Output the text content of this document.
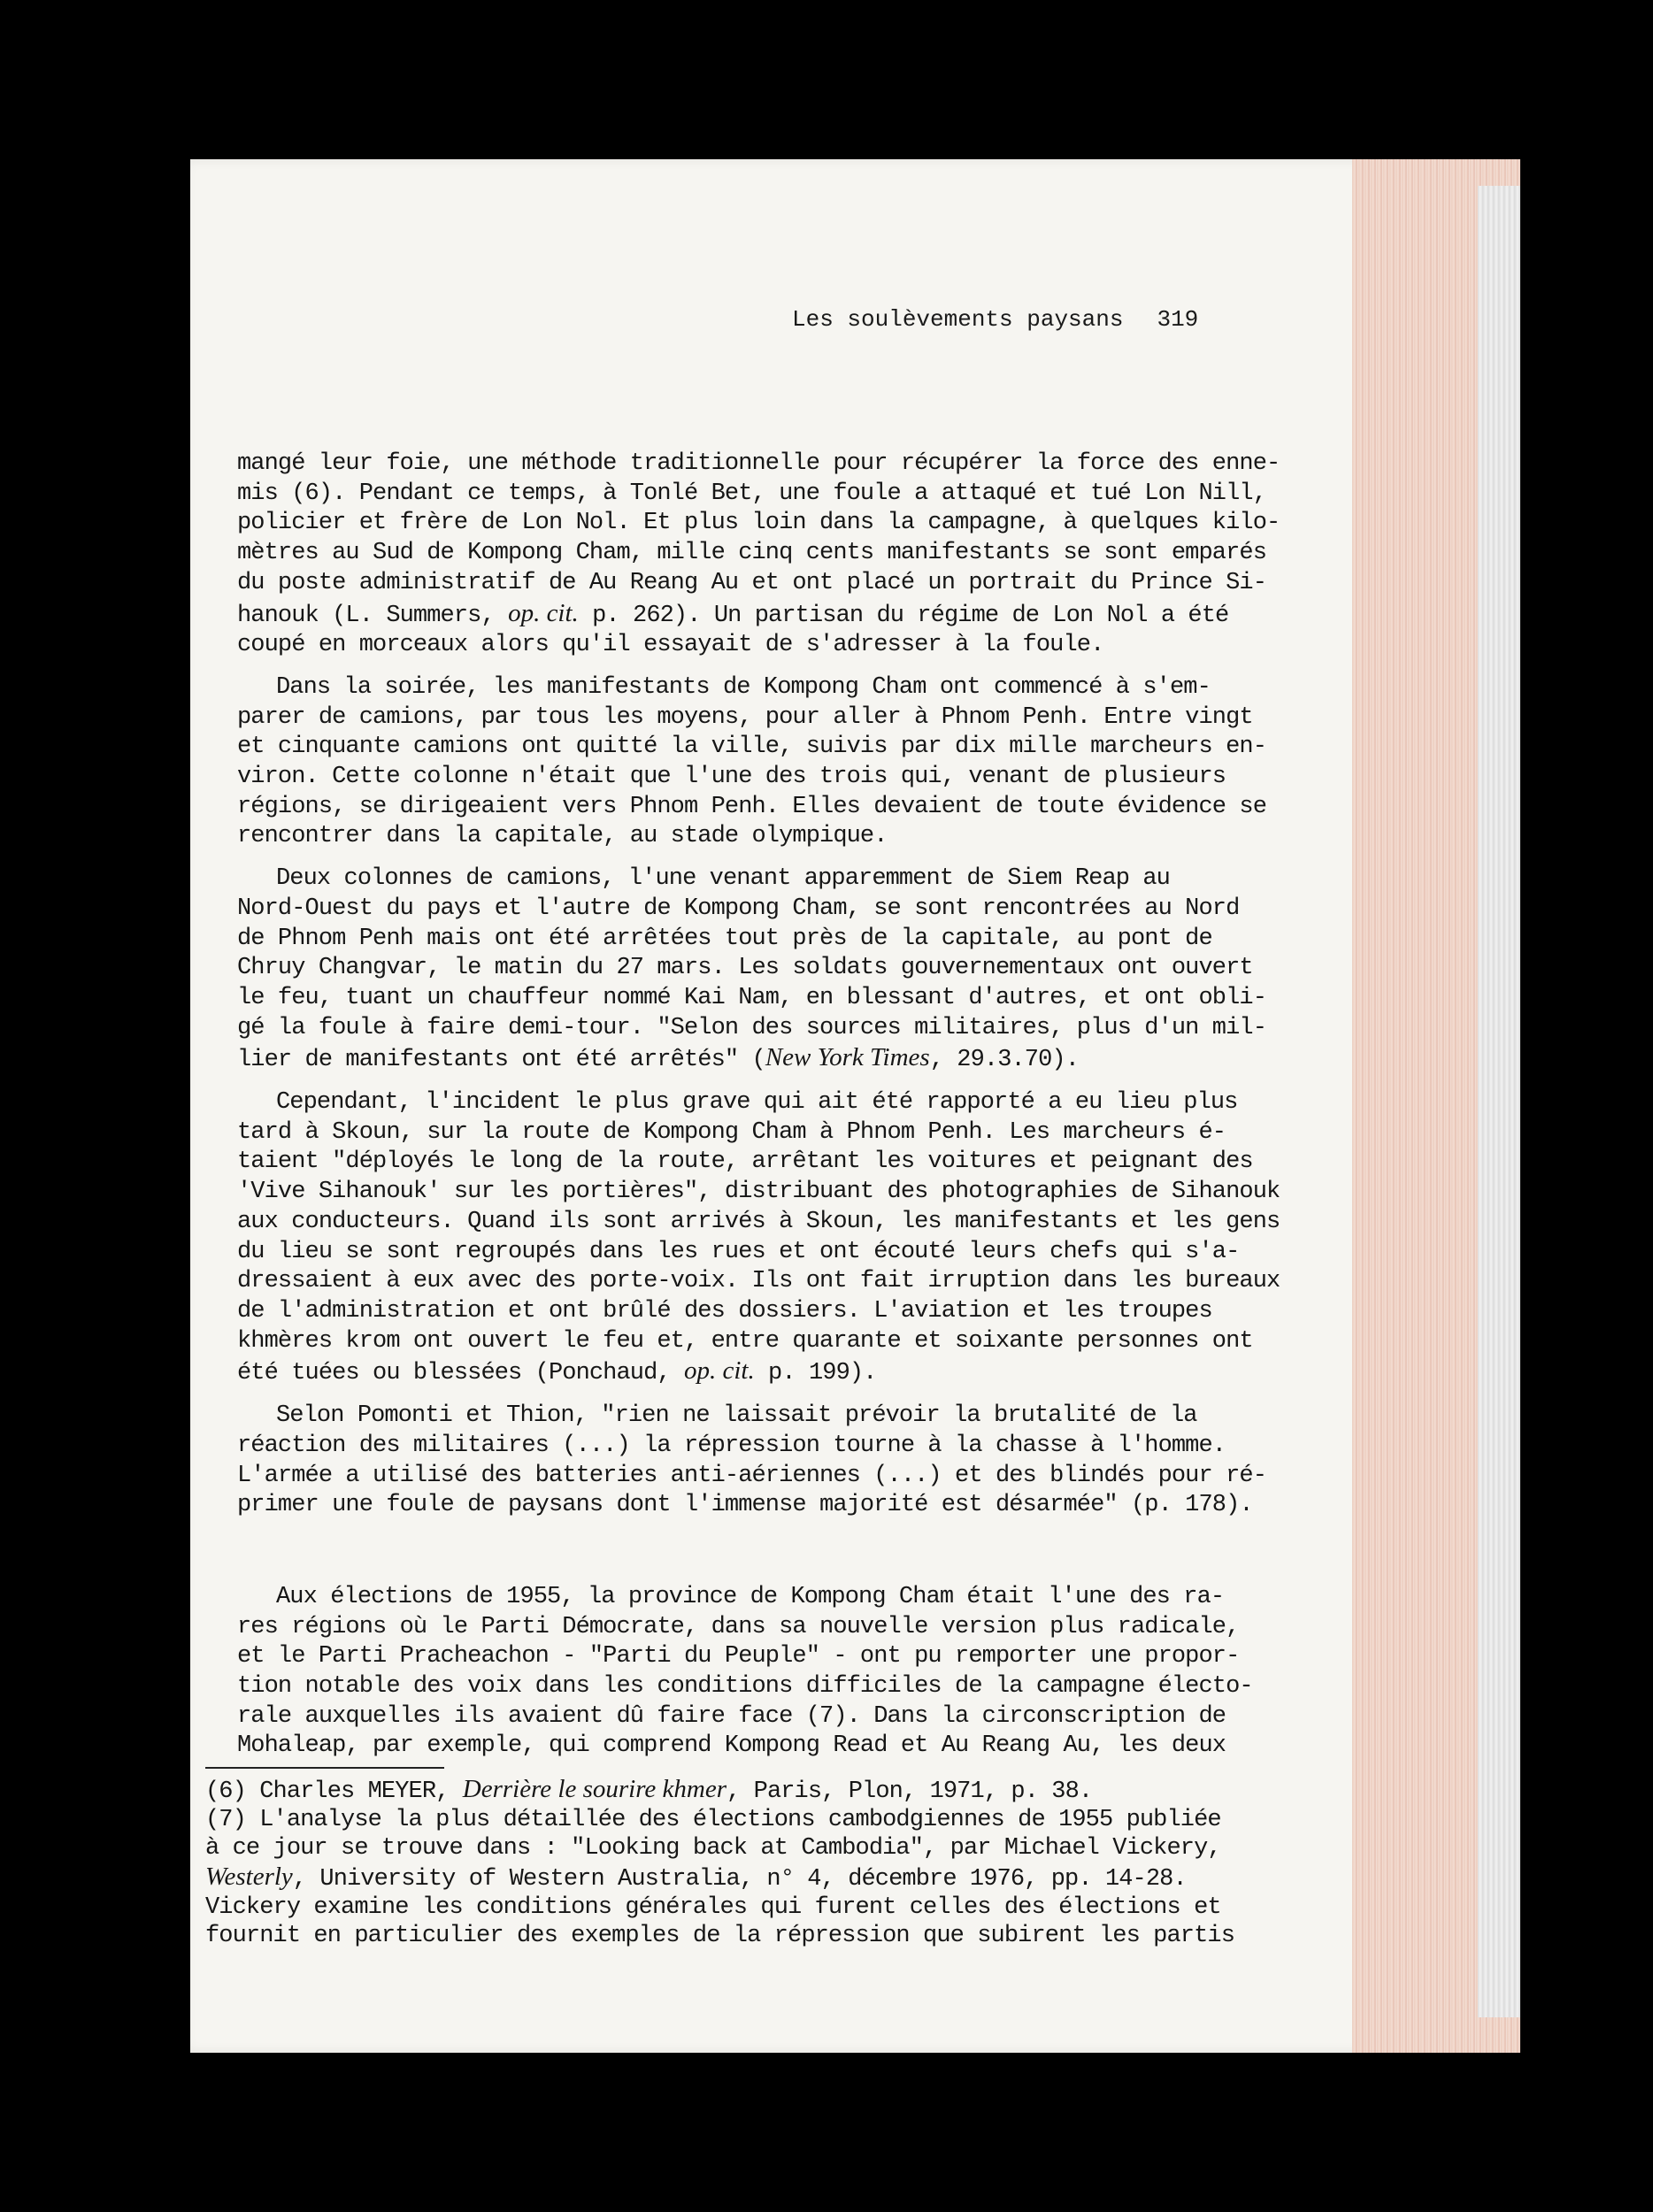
Les soulèvements paysans 319

mangé leur foie, une méthode traditionnelle pour récupérer la force des enne-

mis (6). Pendant ce temps, à Tonlé Bet, une foule a attaqué et tué Lon Nill,

policier et frère de Lon Nol. Et plus loin dans la campagne, à quelques kilo-

mètres au Sud de Kompong Cham, mille cinq cents manifestants se sont emparés

du poste administratif de Au Reang Au et ont placé un portrait du Prince Si-

hanouk (L. Summers, op. cit. p. 262). Un partisan du régime de Lon Nol a été

coupé en morceaux alors qu'il essayait de s'adresser à la foule.

Dans la soirée, les manifestants de Kompong Cham ont commencé à s'em-

parer de camions, par tous les moyens, pour aller à Phnom Penh. Entre vingt

et cinquante camions ont quitté la ville, suivis par dix mille marcheurs en-

viron. Cette colonne n'était que l'une des trois qui, venant de plusieurs

régions, se dirigeaient vers Phnom Penh. Elles devaient de toute évidence se

rencontrer dans la capitale, au stade olympique.

Deux colonnes de camions, l'une venant apparemment de Siem Reap au

Nord-Ouest du pays et l'autre de Kompong Cham, se sont rencontrées au Nord

de Phnom Penh mais ont été arrêtées tout près de la capitale, au pont de

Chruy Changvar, le matin du 27 mars. Les soldats gouvernementaux ont ouvert

le feu, tuant un chauffeur nommé Kai Nam, en blessant d'autres, et ont obli-

gé la foule à faire demi-tour. "Selon des sources militaires, plus d'un mil-

lier de manifestants ont été arrêtés" (New York Times, 29.3.70).

Cependant, l'incident le plus grave qui ait été rapporté a eu lieu plus

tard à Skoun, sur la route de Kompong Cham à Phnom Penh. Les marcheurs é-

taient "déployés le long de la route, arrêtant les voitures et peignant des

'Vive Sihanouk' sur les portières", distribuant des photographies de Sihanouk

aux conducteurs. Quand ils sont arrivés à Skoun, les manifestants et les gens

du lieu se sont regroupés dans les rues et ont écouté leurs chefs qui s'a-

dressaient à eux avec des porte-voix. Ils ont fait irruption dans les bureaux

de l'administration et ont brûlé des dossiers. L'aviation et les troupes

khmères krom ont ouvert le feu et, entre quarante et soixante personnes ont

été tuées ou blessées (Ponchaud, op. cit. p. 199).

Selon Pomonti et Thion, "rien ne laissait prévoir la brutalité de la

réaction des militaires (...) la répression tourne à la chasse à l'homme.

L'armée a utilisé des batteries anti-aériennes (...) et des blindés pour ré-

primer une foule de paysans dont l'immense majorité est désarmée" (p. 178).

Aux élections de 1955, la province de Kompong Cham était l'une des ra-

res régions où le Parti Démocrate, dans sa nouvelle version plus radicale,

et le Parti Pracheachon - "Parti du Peuple" - ont pu remporter une propor-

tion notable des voix dans les conditions difficiles de la campagne électo-

rale auxquelles ils avaient dû faire face (7). Dans la circonscription de

Mohaleap, par exemple, qui comprend Kompong Read et Au Reang Au, les deux

(6) Charles MEYER, Derrière le sourire khmer, Paris, Plon, 1971, p. 38.

(7) L'analyse la plus détaillée des élections cambodgiennes de 1955 publiée

à ce jour se trouve dans : "Looking back at Cambodia", par Michael Vickery,

Westerly, University of Western Australia, n° 4, décembre 1976, pp. 14-28.

Vickery examine les conditions générales qui furent celles des élections et

fournit en particulier des exemples de la répression que subirent les partis
